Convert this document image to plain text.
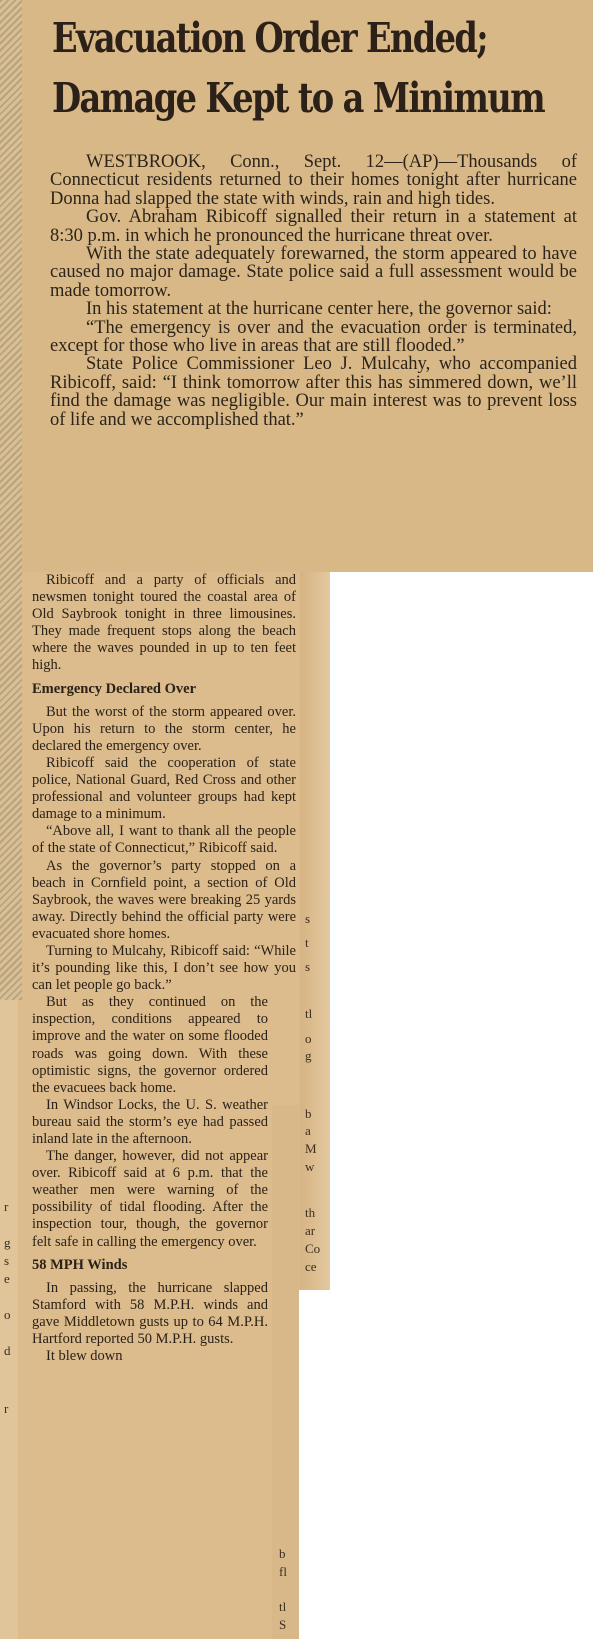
Evacuation Order Ended;
Damage Kept to a Minimum

WESTBROOK, Conn., Sept. 12—(AP)—Thousands of Connecticut residents returned to their homes tonight after hurricane Donna had slapped the state with winds, rain and high tides.

Gov. Abraham Ribicoff signalled their return in a statement at 8:30 p.m. in which he pronounced the hurricane threat over.

With the state adequately forewarned, the storm appeared to have caused no major damage. State police said a full assessment would be made tomorrow.

In his statement at the hurricane center here, the governor said:

“The emergency is over and the evacuation order is terminated, except for those who live in areas that are still flooded.”

State Police Commissioner Leo J. Mulcahy, who accompanied Ribicoff, said: “I think tomorrow after this has simmered down, we’ll find the damage was negligible. Our main interest was to prevent loss of life and we accomplished that.”

Ribicoff and a party of officials and newsmen tonight toured the coastal area of Old Saybrook tonight in three limousines. They made frequent stops along the beach where the waves pounded in up to ten feet high.

Emergency Declared Over

But the worst of the storm appeared over. Upon his return to the storm center, he declared the emergency over.

Ribicoff said the cooperation of state police, National Guard, Red Cross and other professional and volunteer groups had kept damage to a minimum.

“Above all, I want to thank all the people of the state of Connecticut,” Ribicoff said.

As the governor’s party stopped on a beach in Cornfield point, a section of Old Saybrook, the waves were breaking 25 yards away. Directly behind the official party were evacuated shore homes.

Turning to Mulcahy, Ribicoff said: “While it’s pounding like this, I don’t see how you can let people go back.”

But as they continued on the inspection, conditions appeared to improve and the water on some flooded roads was going down. With these optimistic signs, the governor ordered the evacuees back home.

In Windsor Locks, the U. S. weather bureau said the storm’s eye had passed inland late in the afternoon.

The danger, however, did not appear over. Ribicoff said at 6 p.m. that the weather men were warning of the possibility of tidal flooding. After the inspection tour, though, the governor felt safe in calling the emergency over.

58 MPH Winds

In passing, the hurricane slapped Stamford with 58 M.P.H. winds and gave Middletown gusts up to 64 M.P.H. Hartford reported 50 M.P.H. gusts.

It blew down

s
t
s
tl
o
g
b
a
M
w
th
ar
Co
ce
b
fl
tl
S
r
g
s
e
o
d
r
